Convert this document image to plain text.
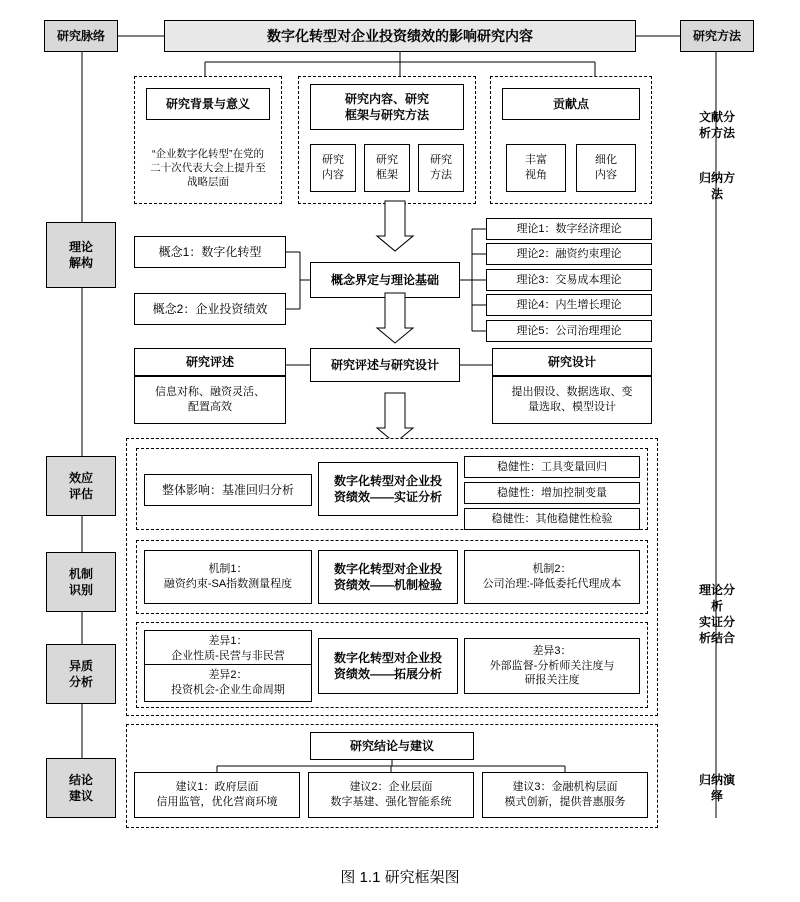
研究脉络
理论
解构
效应
评估
机制
识别
异质
分析
结论
建议
研究方法
文献分
析方法
归纳方
法
理论分
析
实证分
析结合
归纳演
绎
数字化转型对企业投资绩效的影响研究内容
研究背景与意义
“企业数字化转型”在党的
二十次代表大会上提升至
战略层面
研究内容、研究
框架与研究方法
研究
内容
研究
框架
研究
方法
贡献点
丰富
视角
细化
内容
概念界定与理论基础
概念1：数字化转型
概念2：企业投资绩效
理论1：数字经济理论
理论2：融资约束理论
理论3：交易成本理论
理论4：内生增长理论
理论5：公司治理理论
研究评述与研究设计
研究评述
信息对称、融资灵活、
配置高效
研究设计
提出假设、数据选取、变
量选取、模型设计
整体影响：基准回归分析
数字化转型对企业投
资绩效——实证分析
稳健性：工具变量回归
稳健性：增加控制变量
稳健性：其他稳健性检验
机制1：
融资约束-SA指数测量程度
数字化转型对企业投
资绩效——机制检验
机制2：
公司治理:-降低委托代理成本
差异1：
企业性质-民营与非民营
差异2：
投资机会-企业生命周期
数字化转型对企业投
资绩效——拓展分析
差异3：
外部监督-分析师关注度与
研报关注度
研究结论与建议
建议1：政府层面
信用监管，优化营商环境
建议2：企业层面
数字基建、强化智能系统
建议3：金融机构层面
模式创新，提供普惠服务
图 1.1 研究框架图
